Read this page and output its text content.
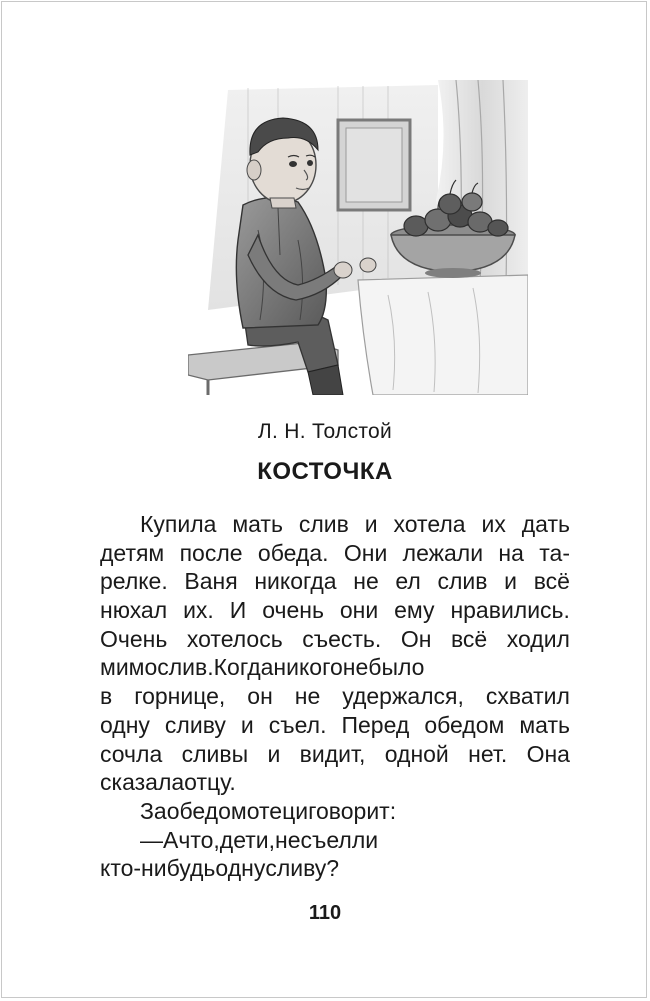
Л. Н. Толстой
КОСТОЧКА
Купила мать слив и хотела их дать
детям после обеда. Они лежали на та-
релке. Ваня никогда не ел слив и всё
нюхал их. И очень они ему нравились.
Очень хотелось съесть. Он всё ходил
мимо слив. Когда никого не было
в горнице, он не удержался, схватил
одну сливу и съел. Перед обедом мать
сочла сливы и видит, одной нет. Она
сказала отцу.
За обедом отец и говорит:
— А что, дети, не съел ли
кто-нибудь одну сливу?
110
